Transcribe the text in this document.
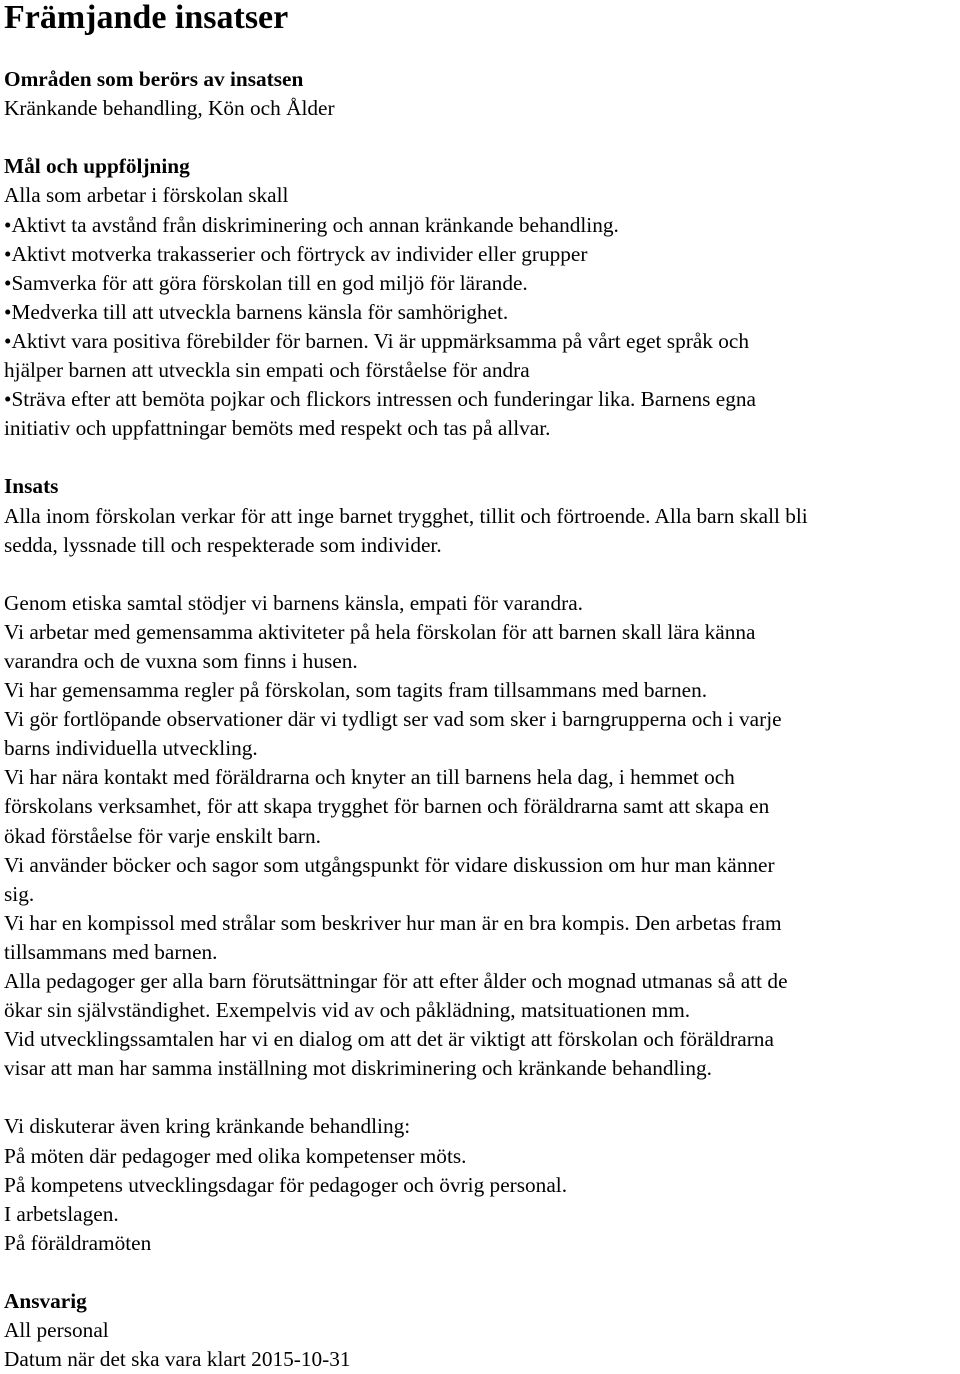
Främjande insatser

Områden som berörs av insatsen

Kränkande behandling, Kön och Ålder

Mål och uppföljning

Alla som arbetar i förskolan skall

•Aktivt ta avstånd från diskriminering och annan kränkande behandling.

•Aktivt motverka trakasserier och förtryck av individer eller grupper

•Samverka för att göra förskolan till en god miljö för lärande.

•Medverka till att utveckla barnens känsla för samhörighet.

•Aktivt vara positiva förebilder för barnen. Vi är uppmärksamma på vårt eget språk och

hjälper barnen att utveckla sin empati och förståelse för andra

•Sträva efter att bemöta pojkar och flickors intressen och funderingar lika. Barnens egna

initiativ och uppfattningar bemöts med respekt och tas på allvar.

Insats

Alla inom förskolan verkar för att inge barnet trygghet, tillit och förtroende. Alla barn skall bli

sedda, lyssnade till och respekterade som individer.

Genom etiska samtal stödjer vi barnens känsla, empati för varandra.

Vi arbetar med gemensamma aktiviteter på hela förskolan för att barnen skall lära känna

varandra och de vuxna som finns i husen.

Vi har gemensamma regler på förskolan, som tagits fram tillsammans med barnen.

Vi gör fortlöpande observationer där vi tydligt ser vad som sker i barngrupperna och i varje

barns individuella utveckling.

Vi har nära kontakt med föräldrarna och knyter an till barnens hela dag, i hemmet och

förskolans verksamhet, för att skapa trygghet för barnen och föräldrarna samt att skapa en

ökad förståelse för varje enskilt barn.

Vi använder böcker och sagor som utgångspunkt för vidare diskussion om hur man känner

sig.

Vi har en kompissol med strålar som beskriver hur man är en bra kompis. Den arbetas fram

tillsammans med barnen.

Alla pedagoger ger alla barn förutsättningar för att efter ålder och mognad utmanas så att de

ökar sin självständighet. Exempelvis vid av och påklädning, matsituationen mm.

Vid utvecklingssamtalen har vi en dialog om att det är viktigt att förskolan och föräldrarna

visar att man har samma inställning mot diskriminering och kränkande behandling.

Vi diskuterar även kring kränkande behandling:

På möten där pedagoger med olika kompetenser möts.

På kompetens utvecklingsdagar för pedagoger och övrig personal.

I arbetslagen.

På föräldramöten

Ansvarig

All personal

Datum när det ska vara klart 2015-10-31
